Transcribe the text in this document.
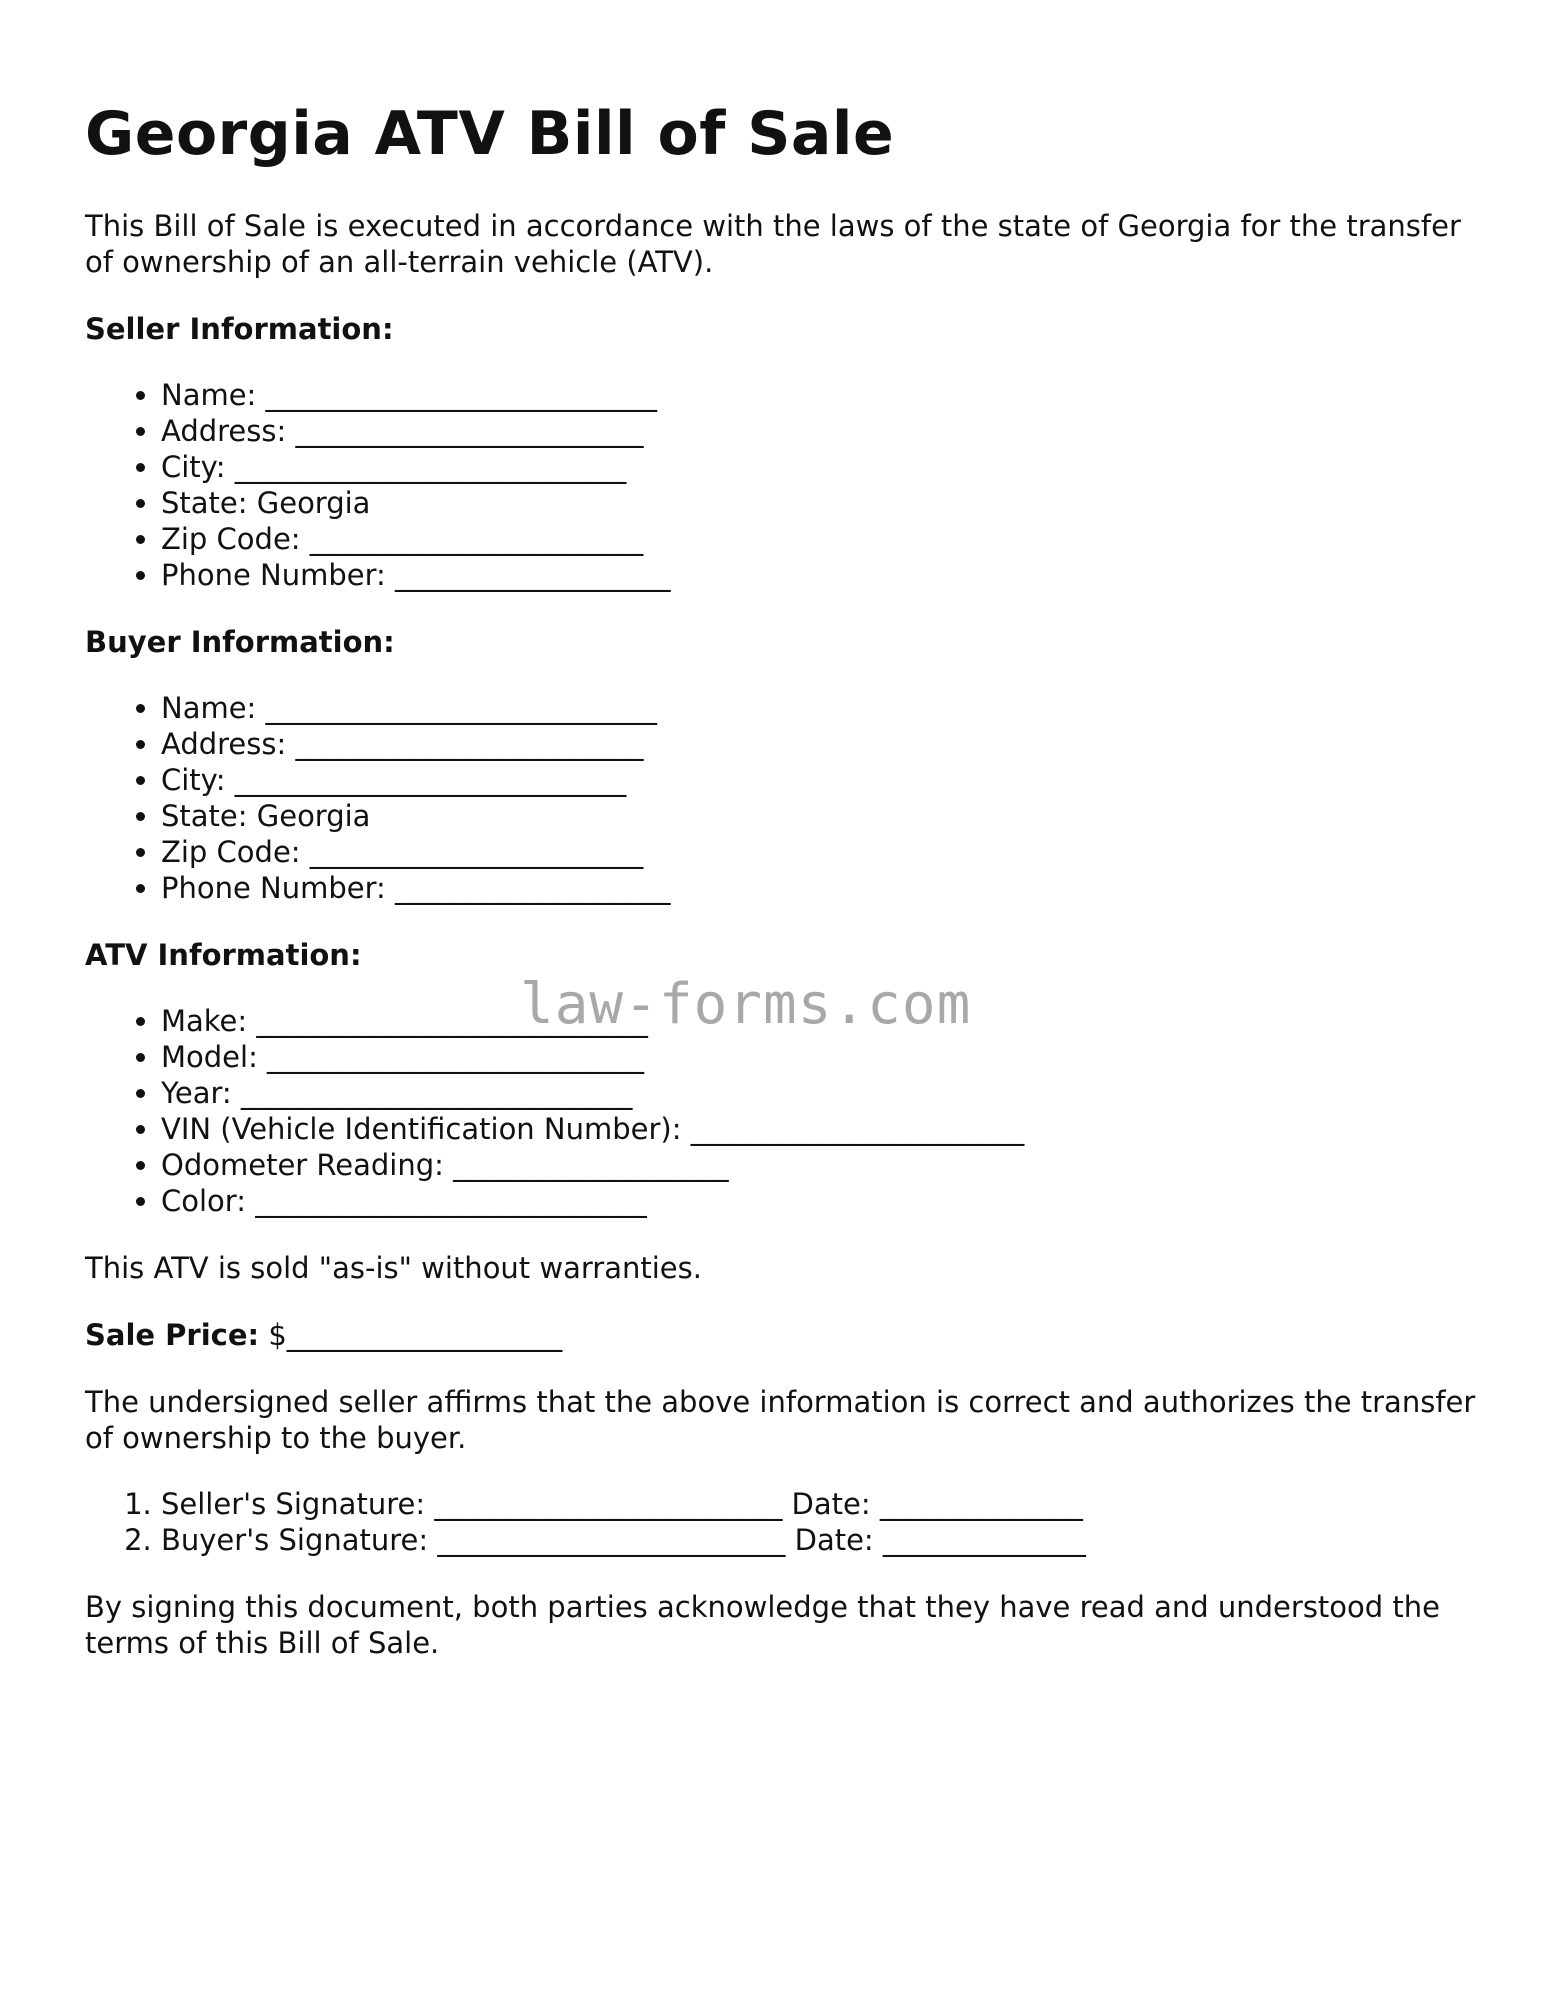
Georgia ATV Bill of Sale

This Bill of Sale is executed in accordance with the laws of the state of Georgia for the transfer of ownership of an all-terrain vehicle (ATV).

Seller Information:
• Name: ___________________________
• Address: ________________________
• City: ___________________________
• State: Georgia
• Zip Code: _______________________
• Phone Number: ___________________
Buyer Information:
• Name: ___________________________
• Address: ________________________
• City: ___________________________
• State: Georgia
• Zip Code: _______________________
• Phone Number: ___________________
ATV Information:
• Make: ___________________________
• Model: __________________________
• Year: ___________________________
• VIN (Vehicle Identification Number): _______________________
• Odometer Reading: ___________________
• Color: ___________________________

This ATV is sold "as-is" without warranties.

Sale Price: $___________________

The undersigned seller affirms that the above information is correct and authorizes the transfer of ownership to the buyer.

1. Seller's Signature: ________________________ Date: ______________
2. Buyer's Signature: ________________________ Date: ______________

By signing this document, both parties acknowledge that they have read and understood the terms of this Bill of Sale.

law-forms.com
